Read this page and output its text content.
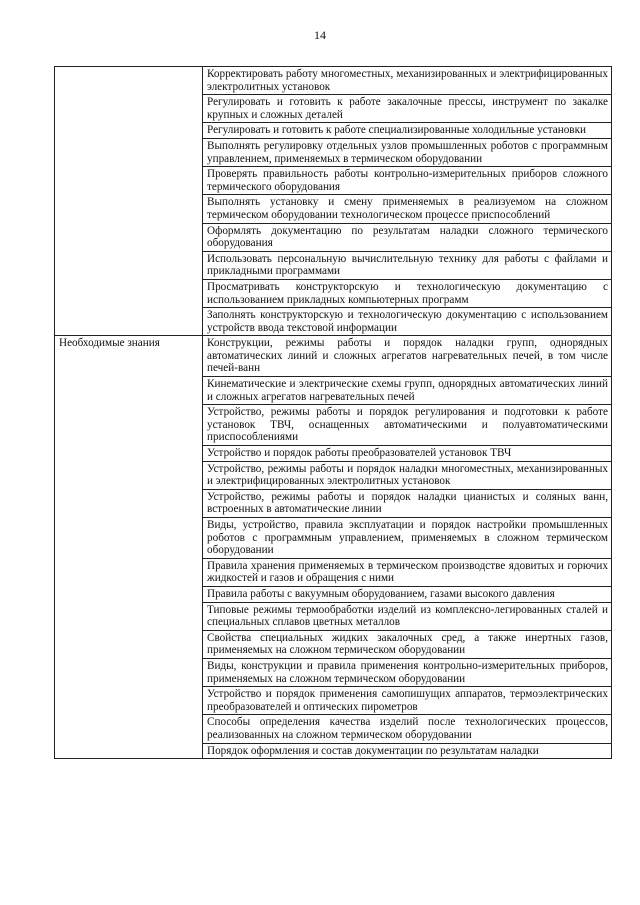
14
	Корректировать работу многоместных, механизированных и электрифицированных электролитных установок
	Регулировать и готовить к работе закалочные прессы, инструмент по закалке крупных и сложных деталей
	Регулировать и готовить к работе специализированные холодильные установки
	Выполнять регулировку отдельных узлов промышленных роботов с программным управлением, применяемых в термическом оборудовании
	Проверять правильность работы контрольно-измерительных приборов сложного термического оборудования
	Выполнять установку и смену применяемых в реализуемом на сложном термическом оборудовании технологическом процессе приспособлений
	Оформлять документацию по результатам наладки сложного термического оборудования
	Использовать персональную вычислительную технику для работы с файлами и прикладными программами
	Просматривать конструкторскую и технологическую документацию с использованием прикладных компьютерных программ
	Заполнять конструкторскую и технологическую документацию с использованием устройств ввода текстовой информации
Необходимые знания	Конструкции, режимы работы и порядок наладки групп, однорядных автоматических линий и сложных агрегатов нагревательных печей, в том числе печей-ванн
	Кинематические и электрические схемы групп, однорядных автоматических линий и сложных агрегатов нагревательных печей
	Устройство, режимы работы и порядок регулирования и подготовки к работе установок ТВЧ, оснащенных автоматическими и полуавтоматическими приспособлениями
	Устройство и порядок работы преобразователей установок ТВЧ
	Устройство, режимы работы и порядок наладки многоместных, механизированных и электрифицированных электролитных установок
	Устройство, режимы работы и порядок наладки цианистых и соляных ванн, встроенных в автоматические линии
	Виды, устройство, правила эксплуатации и порядок настройки промышленных роботов с программным управлением, применяемых в сложном термическом оборудовании
	Правила хранения применяемых в термическом производстве ядовитых и горючих жидкостей и газов и обращения с ними
	Правила работы с вакуумным оборудованием, газами высокого давления
	Типовые режимы термообработки изделий из комплексно-легированных сталей и специальных сплавов цветных металлов
	Свойства специальных жидких закалочных сред, а также инертных газов, применяемых на сложном термическом оборудовании
	Виды, конструкции и правила применения контрольно-измерительных приборов, применяемых на сложном термическом оборудовании
	Устройство и порядок применения самопишущих аппаратов, термоэлектрических преобразователей и оптических пирометров
	Способы определения качества изделий после технологических процессов, реализованных на сложном термическом оборудовании
	Порядок оформления и состав документации по результатам наладки
